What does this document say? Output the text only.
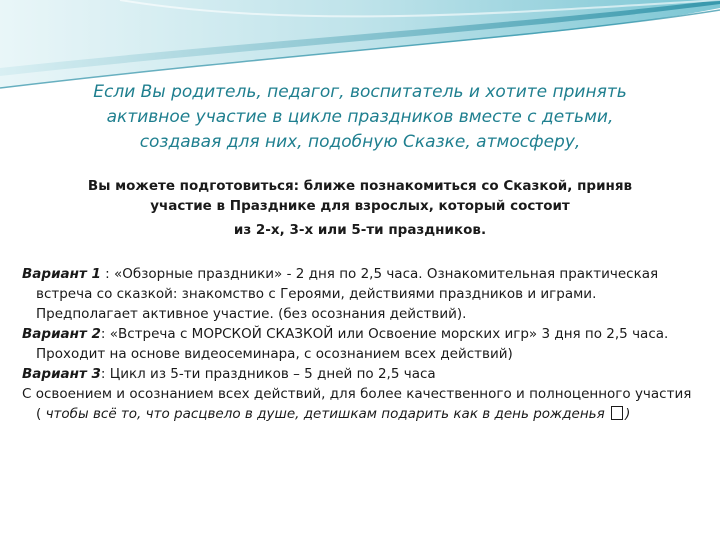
Если Вы родитель, педагог, воспитатель и хотите принять
активное участие в цикле праздников вместе с детьми,
создавая для них, подобную Сказке, атмосферу,
Вы можете подготовиться: ближе познакомиться со Сказкой, приняв
участие в Празднике для взрослых, который состоит
из 2-х, 3-х или 5-ти праздников.

Вариант 1 : «Обзорные праздники» - 2 дня по 2,5 часа. Ознакомительная практическая встреча со сказкой: знакомство с Героями, действиями праздников и играми. Предполагает активное участие. (без осознания действий).

Вариант 2: «Встреча с МОРСКОЙ СКАЗКОЙ или Освоение морских игр» 3 дня по 2,5 часа. Проходит на основе видеосеминара, с осознанием всех действий)

Вариант 3: Цикл из 5-ти праздников – 5 дней по 2,5 часа

С освоением и осознанием всех действий, для более качественного и полноценного участия ( чтобы всё то, что расцвело в душе, детишкам подарить как в день рожденья )
